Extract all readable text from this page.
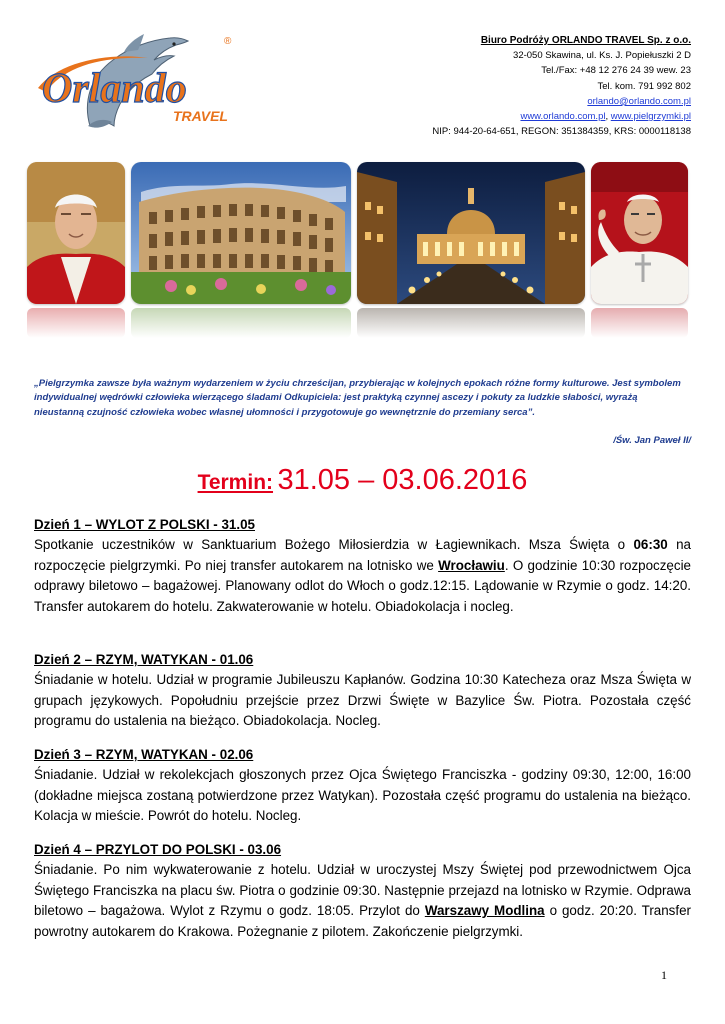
Orlando
TRAVEL
®	Biuro Podróży ORLANDO TRAVEL Sp. z o.o.
32-050 Skawina, ul. Ks. J. Popiełuszki 2 D
Tel./Fax: +48 12 276 24 39 wew. 23
Tel. kom. 791 992 802
orlando@orlando.com.pl
www.orlando.com.pl, www.pielgrzymki.pl
NIP: 944-20-64-651, REGON: 351384359, KRS: 0000118138
„Pielgrzymka zawsze była ważnym wydarzeniem w życiu chrześcijan, przybierając w kolejnych epokach różne formy kulturowe. Jest symbolem indywidualnej wędrówki człowieka wierzącego śladami Odkupiciela: jest praktyką czynnej ascezy i pokuty za ludzkie słabości, wyrażą nieustanną czujność człowieka wobec własnej ułomności i przygotowuje go wewnętrznie do przemiany serca”.
/Św. Jan Paweł II/
Termin: 31.05 – 03.06.2016
Dzień 1 – WYLOT Z POLSKI - 31.05

Spotkanie uczestników w Sanktuarium Bożego Miłosierdzia w Łagiewnikach. Msza Święta o 06:30 na rozpoczęcie pielgrzymki. Po niej transfer autokarem na lotnisko we Wrocławiu. O godzinie 10:30 rozpoczęcie odprawy biletowo – bagażowej. Planowany odlot do Włoch o godz.12:15. Lądowanie w Rzymie o godz. 14:20. Transfer autokarem do hotelu. Zakwaterowanie w hotelu. Obiadokolacja i nocleg.

Dzień 2 – RZYM, WATYKAN - 01.06

Śniadanie w hotelu. Udział w programie Jubileuszu Kapłanów. Godzina 10:30 Katecheza oraz Msza Święta w grupach językowych. Popołudniu przejście przez Drzwi Święte w Bazylice Św. Piotra. Pozostała część programu do ustalenia na bieżąco. Obiadokolacja. Nocleg.

Dzień 3 – RZYM, WATYKAN - 02.06

Śniadanie. Udział w rekolekcjach głoszonych przez Ojca Świętego Franciszka - godziny 09:30, 12:00, 16:00 (dokładne miejsca zostaną potwierdzone przez Watykan). Pozostała część programu do ustalenia na bieżąco. Kolacja w mieście. Powrót do hotelu. Nocleg.

Dzień 4 – PRZYLOT DO POLSKI - 03.06

Śniadanie. Po nim wykwaterowanie z hotelu. Udział w uroczystej Mszy Świętej pod przewodnictwem Ojca Świętego Franciszka na placu św. Piotra o godzinie 09:30. Następnie przejazd na lotnisko w Rzymie. Odprawa biletowo – bagażowa. Wylot z Rzymu o godz. 18:05. Przylot do Warszawy Modlina o godz. 20:20. Transfer powrotny autokarem do Krakowa. Pożegnanie z pilotem. Zakończenie pielgrzymki.

1
